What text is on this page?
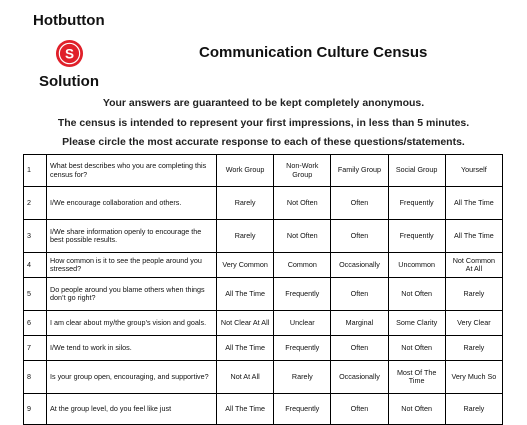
Hotbutton
S
Solution
Communication Culture Census
Your answers are guaranteed to be kept completely anonymous.
The census is intended to represent your first impressions, in less than 5 minutes.
Please circle the most accurate response to each of these questions/statements.
1	What best describes who you are completing this census for?	Work Group	Non-Work Group	Family Group	Social Group	Yourself
2	I/We encourage collaboration and others.	Rarely	Not Often	Often	Frequently	All The Time
3	I/We share information openly to encourage the best possible results.	Rarely	Not Often	Often	Frequently	All The Time
4	How common is it to see the people around you stressed?	Very Common	Common	Occasionally	Uncommon	Not Common At All
5	Do people around you blame others when things don’t go right?	All The Time	Frequently	Often	Not Often	Rarely
6	I am clear about my/the group’s vision and goals.	Not Clear At All	Unclear	Marginal	Some Clarity	Very Clear
7	I/We tend to work in silos.	All The Time	Frequently	Often	Not Often	Rarely
8	Is your group open, encouraging, and supportive?	Not At All	Rarely	Occasionally	Most Of The Time	Very Much So
9	At the group level, do you feel like just	All The Time	Frequently	Often	Not Often	Rarely
